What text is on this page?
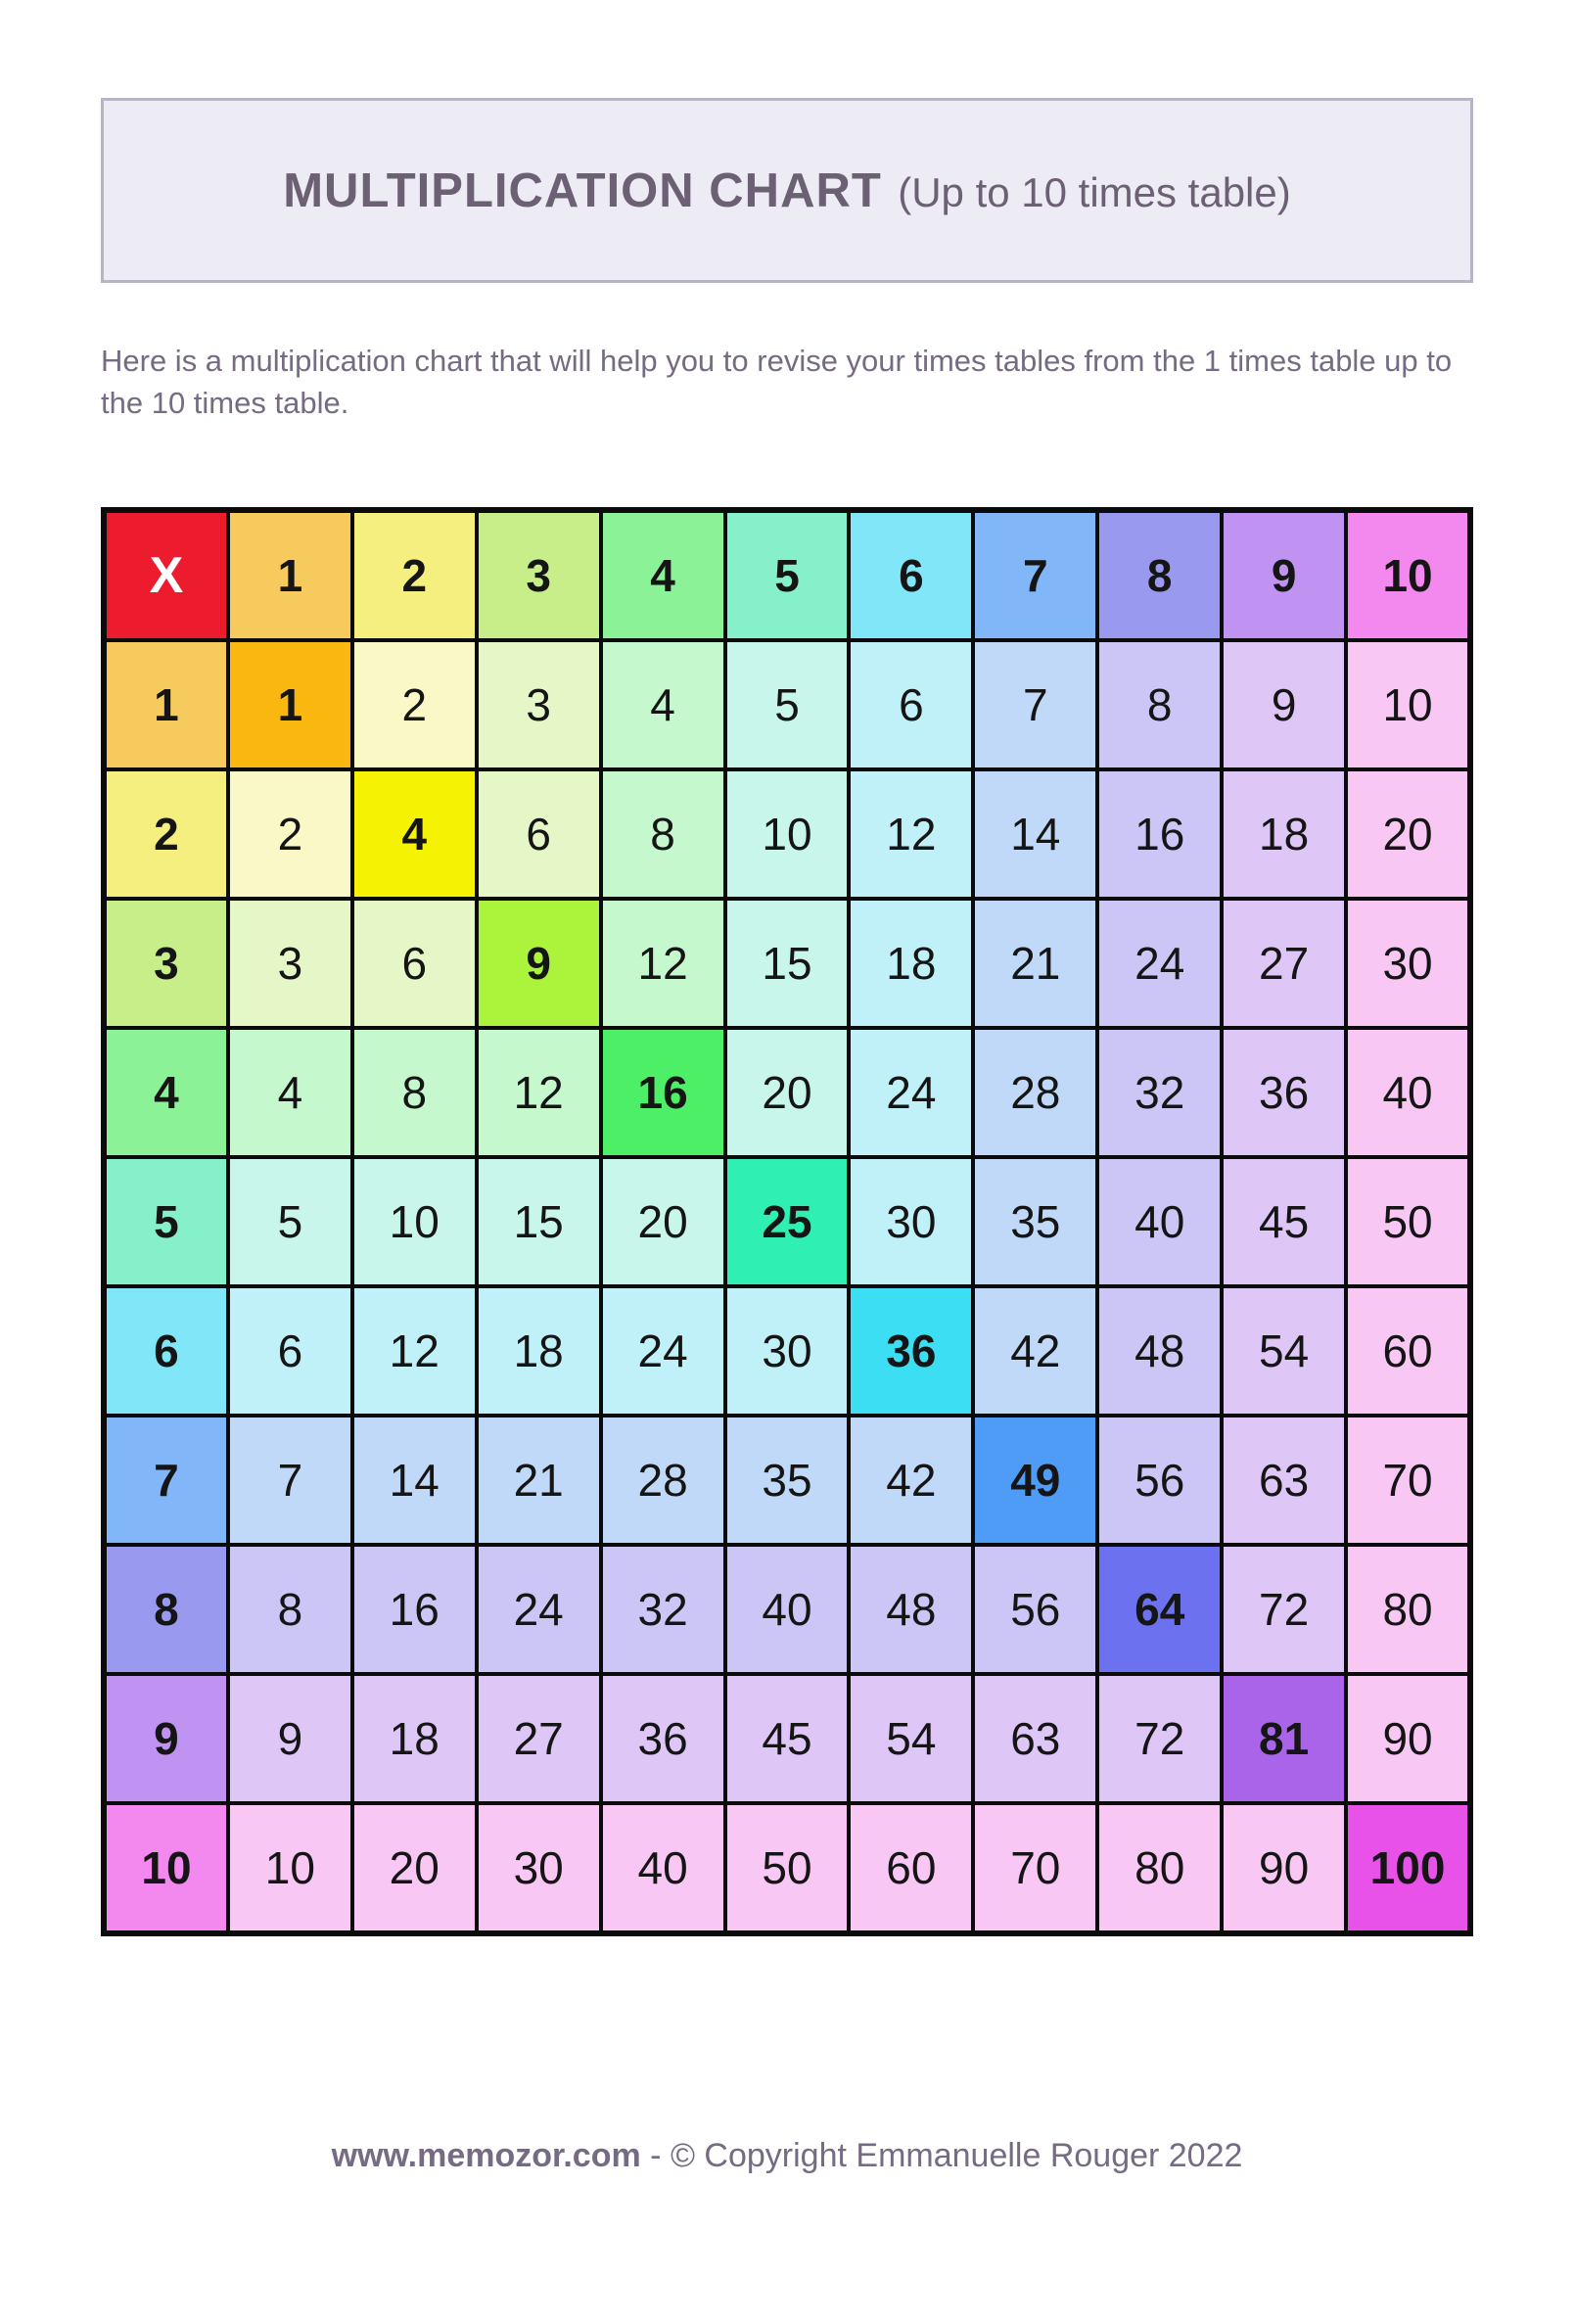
MULTIPLICATION CHART (Up to 10 times table)

Here is a multiplication chart that will help you to revise your times tables from the 1 times table up to the 10 times table.

X	1	2	3	4	5	6	7	8	9	10
1	1	2	3	4	5	6	7	8	9	10
2	2	4	6	8	10	12	14	16	18	20
3	3	6	9	12	15	18	21	24	27	30
4	4	8	12	16	20	24	28	32	36	40
5	5	10	15	20	25	30	35	40	45	50
6	6	12	18	24	30	36	42	48	54	60
7	7	14	21	28	35	42	49	56	63	70
8	8	16	24	32	40	48	56	64	72	80
9	9	18	27	36	45	54	63	72	81	90
10	10	20	30	40	50	60	70	80	90	100
www.memozor.com - © Copyright Emmanuelle Rouger 2022
